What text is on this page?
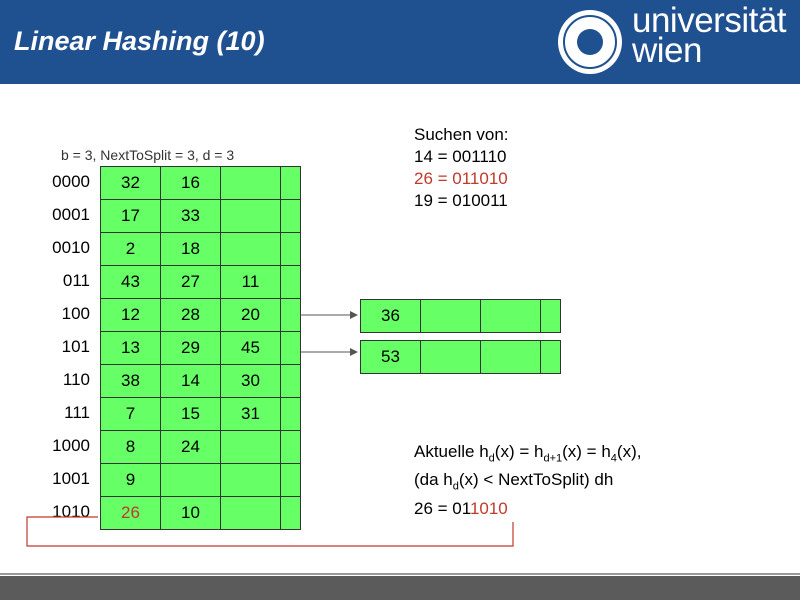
Linear Hashing (10)
universität
wien
b = 3, NextToSplit = 3, d = 3
0000	32	16
0001	17	33
0010	2	18
011	43	27	11
100	12	28	20
101	13	29	45
110	38	14	30
111	7	15	31
1000	8	24
1001	9
1010	26	10
36
53
Suchen von:
14 = 001110
26 = 011010
19 = 010011
Aktuelle $h_d(x) = h_{d+1}(x) = h_4(x)$,
(da $h_d(x)$ < NextToSplit) dh
26 = 011010
